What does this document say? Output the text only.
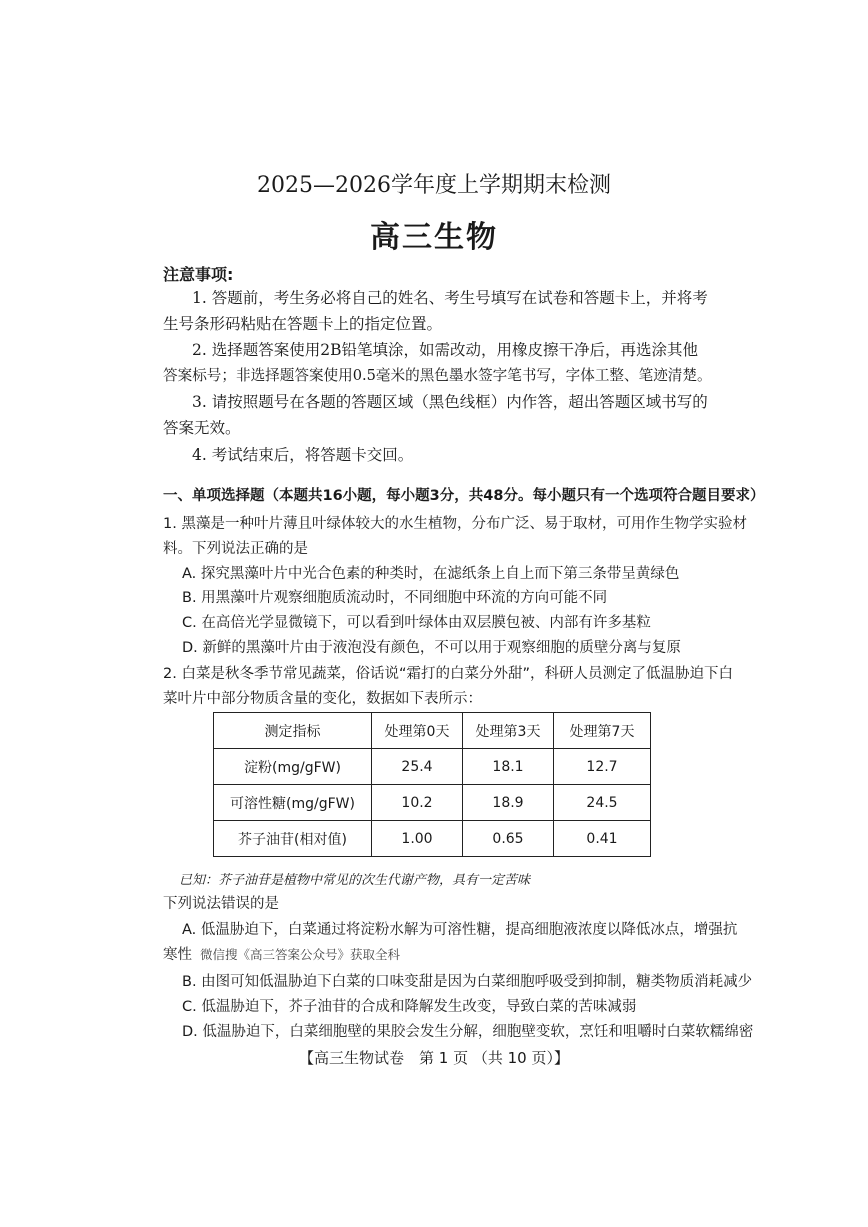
2025—2026学年度上学期期末检测
高三生物
注意事项:
1. 答题前，考生务必将自己的姓名、考生号填写在试卷和答题卡上，并将考
生号条形码粘贴在答题卡上的指定位置。
2. 选择题答案使用2B铅笔填涂，如需改动，用橡皮擦干净后，再选涂其他
答案标号；非选择题答案使用0.5毫米的黑色墨水签字笔书写，字体工整、笔迹清楚。
3. 请按照题号在各题的答题区域（黑色线框）内作答，超出答题区域书写的
答案无效。
4. 考试结束后，将答题卡交回。
一、单项选择题（本题共16小题，每小题3分，共48分。每小题只有一个选项符合题目要求）
1. 黑藻是一种叶片薄且叶绿体较大的水生植物，分布广泛、易于取材，可用作生物学实验材
料。下列说法正确的是
A. 探究黑藻叶片中光合色素的种类时，在滤纸条上自上而下第三条带呈黄绿色
B. 用黑藻叶片观察细胞质流动时，不同细胞中环流的方向可能不同
C. 在高倍光学显微镜下，可以看到叶绿体由双层膜包被、内部有许多基粒
D. 新鲜的黑藻叶片由于液泡没有颜色，不可以用于观察细胞的质壁分离与复原
2. 白菜是秋冬季节常见蔬菜，俗话说“霜打的白菜分外甜”，科研人员测定了低温胁迫下白
菜叶片中部分物质含量的变化，数据如下表所示：
测定指标	处理第0天	处理第3天	处理第7天
淀粉(mg/gFW)	25.4	18.1	12.7
可溶性糖(mg/gFW)	10.2	18.9	24.5
芥子油苷(相对值)	1.00	0.65	0.41
已知：芥子油苷是植物中常见的次生代谢产物，具有一定苦味
下列说法错误的是
A. 低温胁迫下，白菜通过将淀粉水解为可溶性糖，提高细胞液浓度以降低冰点，增强抗
寒性 微信搜《高三答案公众号》获取全科
B. 由图可知低温胁迫下白菜的口味变甜是因为白菜细胞呼吸受到抑制，糖类物质消耗减少
C. 低温胁迫下，芥子油苷的合成和降解发生改变，导致白菜的苦味减弱
D. 低温胁迫下，白菜细胞壁的果胶会发生分解，细胞壁变软，烹饪和咀嚼时白菜软糯绵密
【高三生物试卷　第 1 页 （共 10 页）】
